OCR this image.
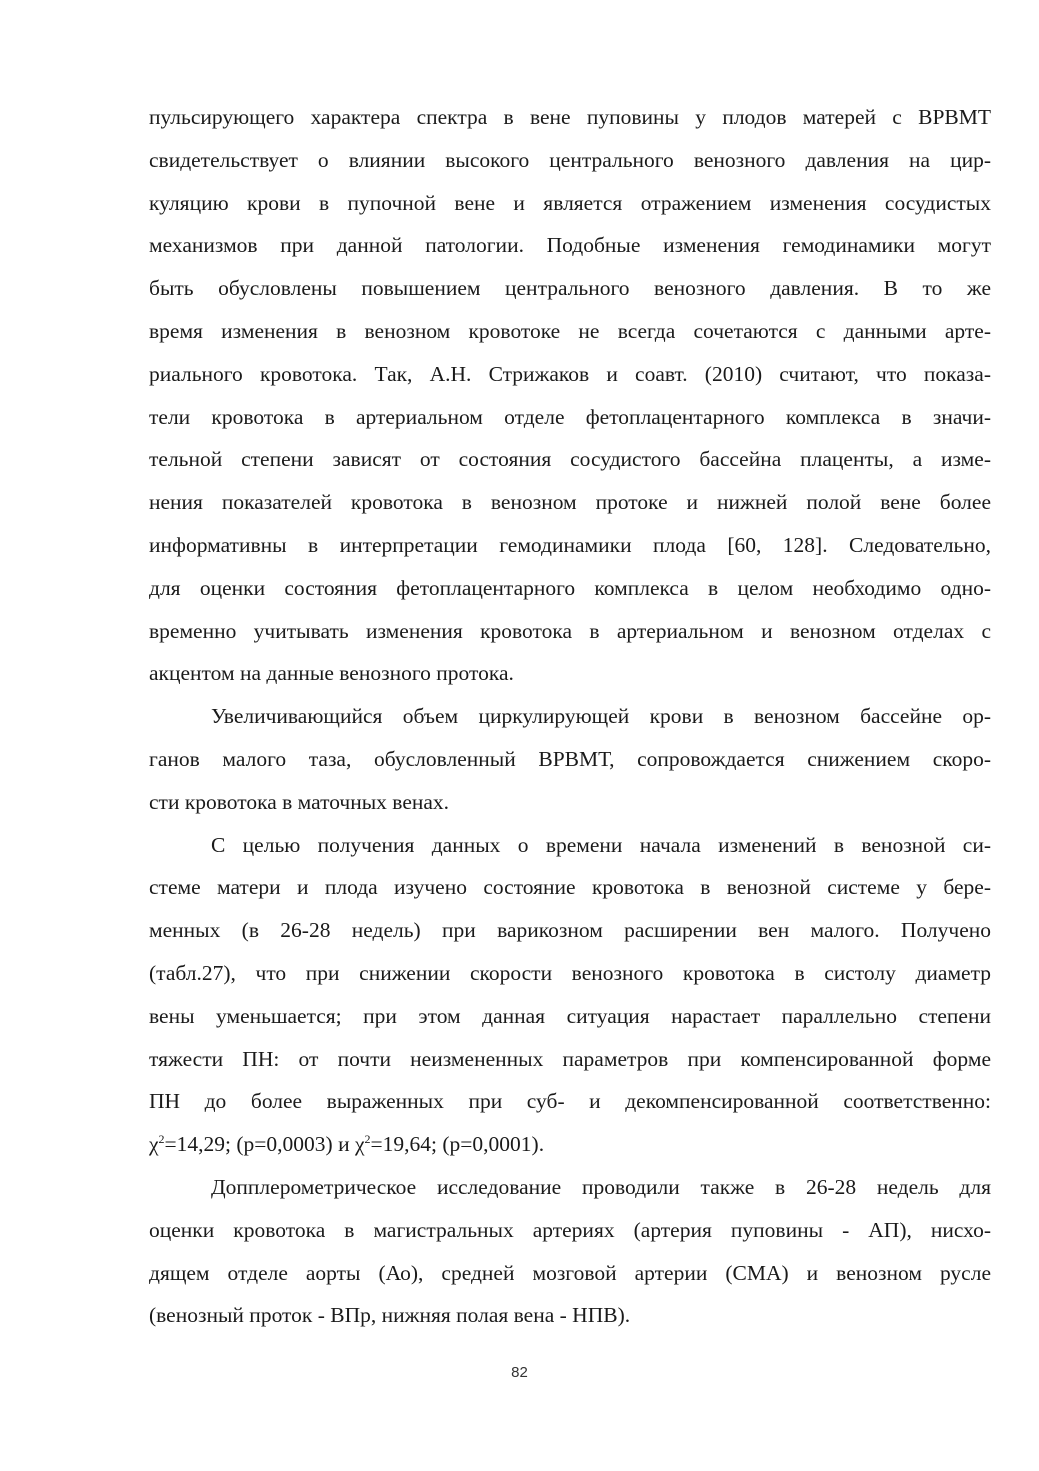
пульсирующего характера спектра в вене пуповины у плодов матерей с ВРВМТ
свидетельствует о влиянии высокого центрального венозного давления на цир-
куляцию крови в пупочной вене и является отражением изменения сосудистых
механизмов при данной патологии. Подобные изменения гемодинамики могут
быть обусловлены повышением центрального венозного давления. В то же
время изменения в венозном кровотоке не всегда сочетаются с данными арте-
риального кровотока. Так, А.Н. Стрижаков и соавт. (2010) считают, что показа-
тели кровотока в артериальном отделе фетоплацентарного комплекса в значи-
тельной степени зависят от состояния сосудистого бассейна плаценты, а изме-
нения показателей кровотока в венозном протоке и нижней полой вене более
информативны в интерпретации гемодинамики плода [60, 128]. Следовательно,
для оценки состояния фетоплацентарного комплекса в целом необходимо одно-
временно учитывать изменения кровотока в артериальном и венозном отделах с
акцентом на данные венозного протока.

Увеличивающийся объем циркулирующей крови в венозном бассейне ор-
ганов малого таза, обусловленный ВРВМТ, сопровождается снижением скоро-
сти кровотока в маточных венах.

С целью получения данных о времени начала изменений в венозной си-
стеме матери и плода изучено состояние кровотока в венозной системе у бере-
менных (в 26-28 недель) при варикозном расширении вен малого. Получено
(табл.27), что при снижении скорости венозного кровотока в систолу диаметр
вены уменьшается; при этом данная ситуация нарастает параллельно степени
тяжести ПН: от почти неизмененных параметров при компенсированной форме
ПН до более выраженных при суб- и декомпенсированной соответственно:
$\chi^2=14,29$; (р=0,0003) и $\chi^2=19,64$; (р=0,0001).

Допплерометрическое исследование проводили также в 26-28 недель для
оценки кровотока в магистральных артериях (артерия пуповины - АП), нисхо-
дящем отделе аорты (Ао), средней мозговой артерии (СМА) и венозном русле
(венозный проток - ВПр, нижняя полая вена - НПВ).

82
